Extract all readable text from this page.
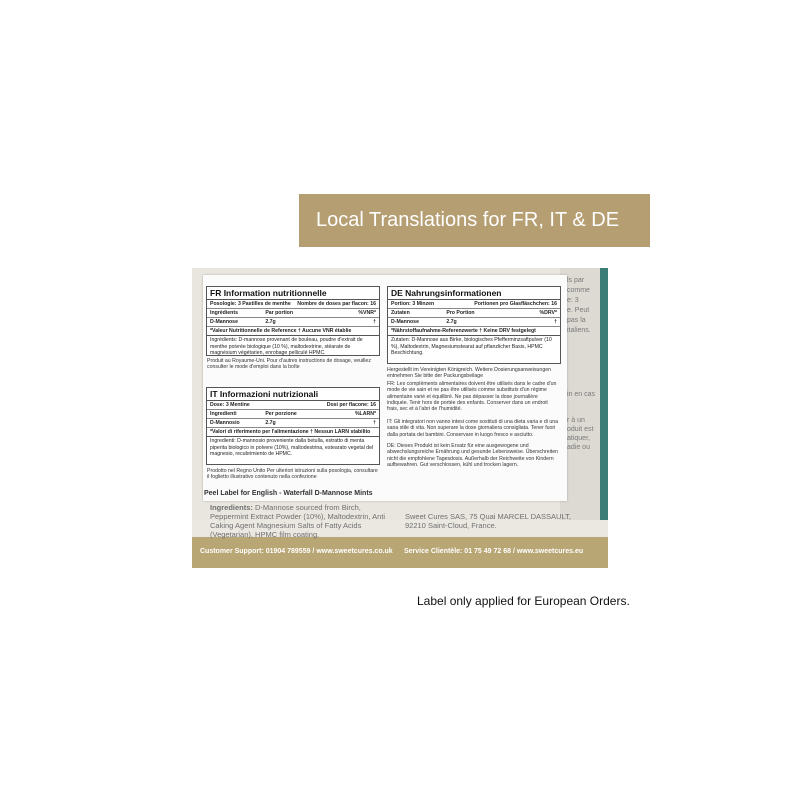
Local Translations for FR, IT & DE
Customer Support: 01904 789559 / www.sweetcures.co.uk Service Clientèle: 01 75 49 72 68 / www.sweetcures.eu
ls par
comme
e: 3
e. Peut
pas la
italiens.
in en cas
r à un
oduit est
atiquer,
adie ou
Ingredients: D-Mannose sourced from Birch, Peppermint Extract Powder (10%), Maltodextrin, Anti Caking Agent Magnesium Salts of Fatty Acids (Vegetarian), HPMC film coating.
Sweet Cures SAS, 75 Quai MARCEL DASSAULT, 92210 Saint-Cloud, France.
FR Information nutritionnelle
Posologie: 3 Pastilles de menthe	Nombre de doses par flacon: 16
Ingrédients	Par portion	%VNR*
D-Mannose	2.7g	†
*Valeur Nutritionnelle de Reference † Aucune VNR établie
Ingrédients: D-mannose provenant de bouleau, poudre d'extrait de menthe poivrée biologique (10 %), maltodextrine, stéarate de magnésium végétarien, enrobage pelliculé HPMC.
Produit au Royaume-Uni. Pour d'autres instructions de dosage, veuillez consulter le mode d'emploi dans la boîte
IT Informazioni nutrizionali
Dose: 3 Mentine	Dosi per flacone: 16
Ingredienti	Per porzione	%LARN*
D-Mannosio	2.7g	†
*Valori di riferimento per l'alimentazione † Nessun LARN stabilito
Ingredienti: D-mannosio proveniente dalla betulla, estratto di menta piperita biologico in polvere (10%), maltodestrina, estearato vegetal del magnesio, recubrimiento de HPMC.
Prodotto nel Regno Unito Per ulteriori istruzioni sulla posologia, consultare il foglietto illustrativo contenuto nella confezione
DE Nahrungsinformationen
Portion: 3 Minzen	Portionen pro Glasfläschchen: 16
Zutaten	Pro Portion	%DRV*
D-Mannose	2.7g	†
*Nährstoffaufnahme-Referenzwerte † Keine DRV festgelegt
Zutaten: D-Mannose aus Birke, biologisches Pfefferminzsaftpulver (10 %), Maltodextrin, Magnesiumstearat auf pflanzlicher Basis, HPMC Beschichtung.
Hergestellt im Vereinigten Königreich. Weitere Dosierungsanweisungen entnehmen Sie bitte der Packungsbeilage
FR: Les compléments alimentaires doivent être utilisés dans le cadre d'un mode de vie sain et ne pas être utilisés comme substituts d'un régime alimentaire varié et équilibré. Ne pas dépasser la dose journalière indiquée. Tenir hors de portée des enfants. Conserver dans un endroit frais, sec et à l'abri de l'humidité.
IT: Gli integratori non vanno intesi come sostituti di una dieta varia e di una sana stile di vita. Non superare la dose giornaliera consigliata. Tener fuori dalla portata dei bambini. Conservare in luogo fresco e asciutto.
DE: Dieses Produkt ist kein Ersatz für eine ausgewogene und abwechslungsreiche Ernährung und gesunde Lebensweise. Überschreiten nicht die empfohlene Tagesdosis. Außerhalb der Reichweite von Kindern aufbewahren. Gut verschlossen, kühl und trocken lagern.
Peel Label for English - Waterfall D-Mannose Mints
Label only applied for European Orders.
